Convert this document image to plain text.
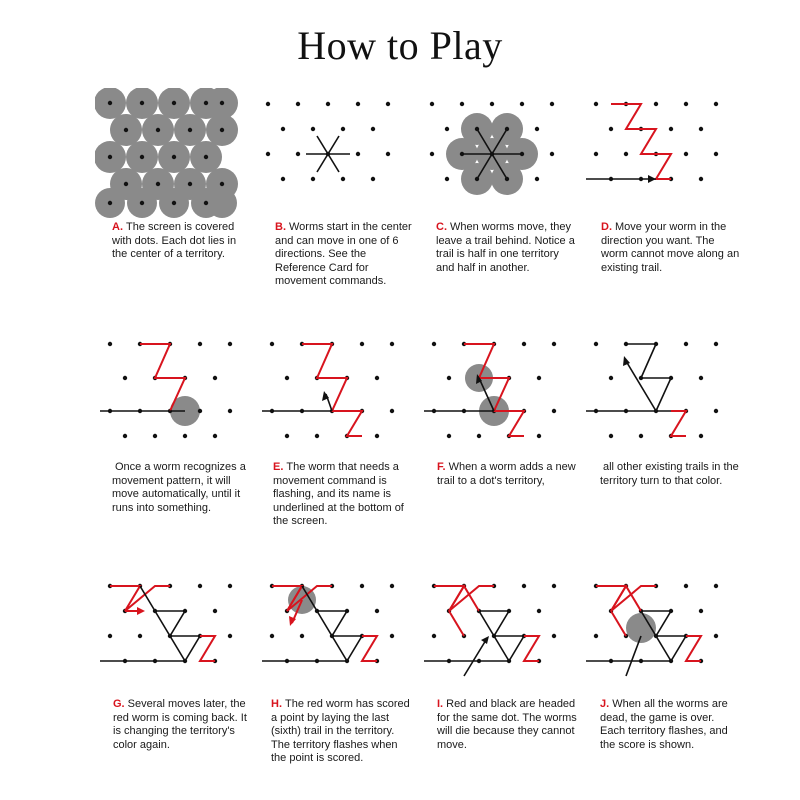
How to Play
A. The screen is covered with dots. Each dot lies in the center of a territory.
B. Worms start in the center and can move in one of 6 directions. See the Reference Card for movement commands.
C. When worms move, they leave a trail behind. Notice a trail is half in one territory and half in another.
D. Move your worm in the direction you want. The worm cannot move along an existing trail.
Once a worm recognizes a movement pattern, it will move automatically, until it runs into something.
E. The worm that needs a movement command is flashing, and its name is underlined at the bottom of the screen.
F. When a worm adds a new trail to a dot's territory,
all other existing trails in the territory turn to that color.
G. Several moves later, the red worm is coming back. It is changing the territory's color again.
H. The red worm has scored a point by laying the last (sixth) trail in the territory. The territory flashes when the point is scored.
I. Red and black are headed for the same dot. The worms will die because they cannot move.
J. When all the worms are dead, the game is over. Each territory flashes, and the score is shown.
